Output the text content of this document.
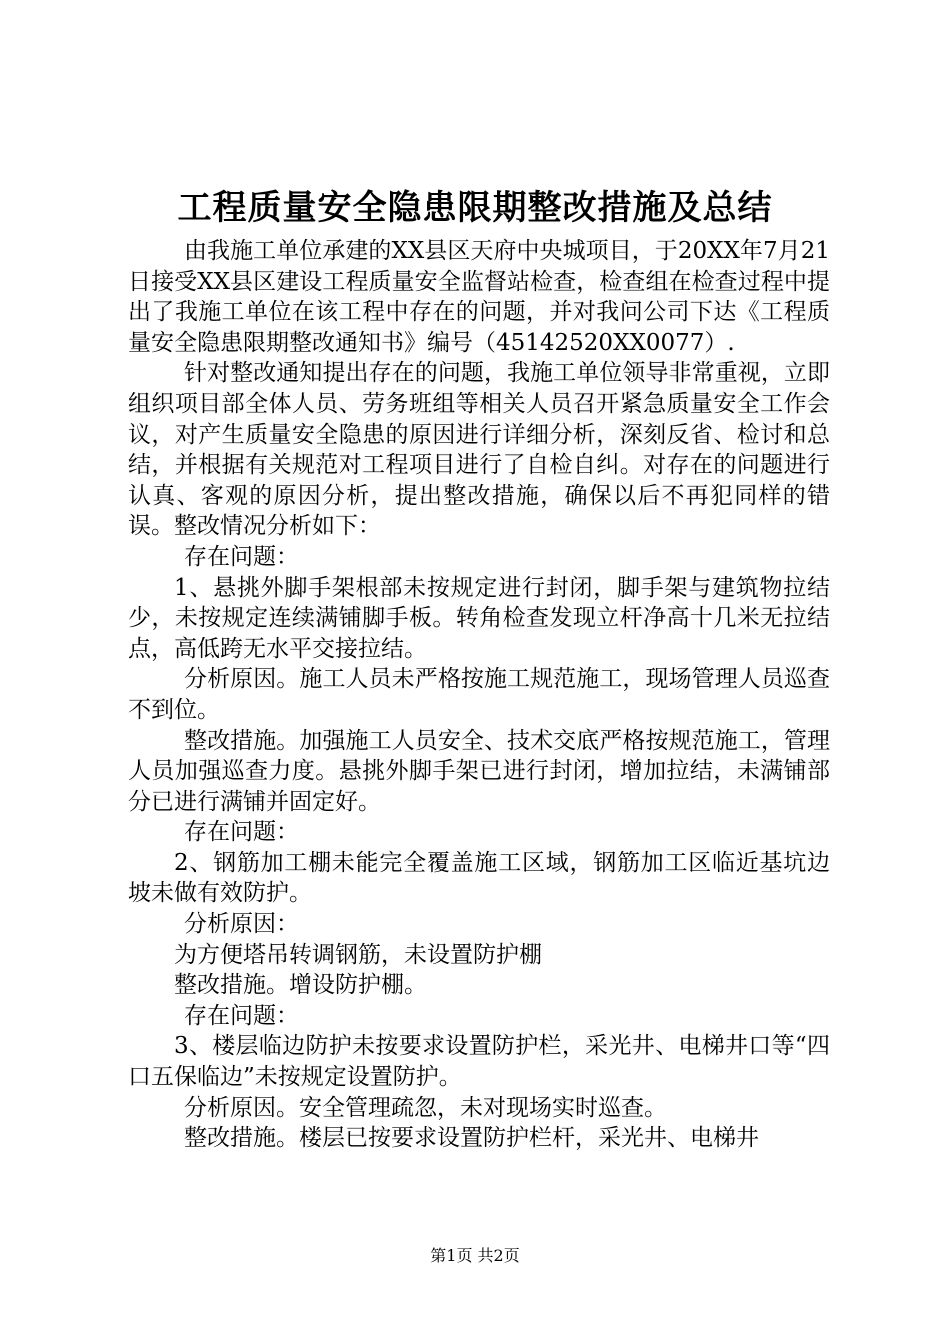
工程质量安全隐患限期整改措施及总结

由我施工单位承建的XX县区天府中央城项目，于20XX年7月21日接受XX县区建设工程质量安全监督站检查，检查组在检查过程中提出了我施工单位在该工程中存在的问题，并对我问公司下达《工程质量安全隐患限期整改通知书》编号（45142520XX0077）.

针对整改通知提出存在的问题，我施工单位领导非常重视，立即组织项目部全体人员、劳务班组等相关人员召开紧急质量安全工作会议，对产生质量安全隐患的原因进行详细分析，深刻反省、检讨和总结，并根据有关规范对工程项目进行了自检自纠。对存在的问题进行认真、客观的原因分析，提出整改措施，确保以后不再犯同样的错误。整改情况分析如下：

存在问题：

1、悬挑外脚手架根部未按规定进行封闭，脚手架与建筑物拉结少，未按规定连续满铺脚手板。转角检查发现立杆净高十几米无拉结点，高低跨无水平交接拉结。

分析原因。施工人员未严格按施工规范施工，现场管理人员巡查不到位。

整改措施。加强施工人员安全、技术交底严格按规范施工，管理人员加强巡查力度。悬挑外脚手架已进行封闭，增加拉结，未满铺部分已进行满铺并固定好。

存在问题：

2、钢筋加工棚未能完全覆盖施工区域，钢筋加工区临近基坑边坡未做有效防护。

分析原因：

为方便塔吊转调钢筋，未设置防护棚

整改措施。增设防护棚。

存在问题：

3、楼层临边防护未按要求设置防护栏，采光井、电梯井口等“四口五保临边”未按规定设置防护。

分析原因。安全管理疏忽，未对现场实时巡查。

整改措施。楼层已按要求设置防护栏杆，采光井、电梯井

第1页 共2页
